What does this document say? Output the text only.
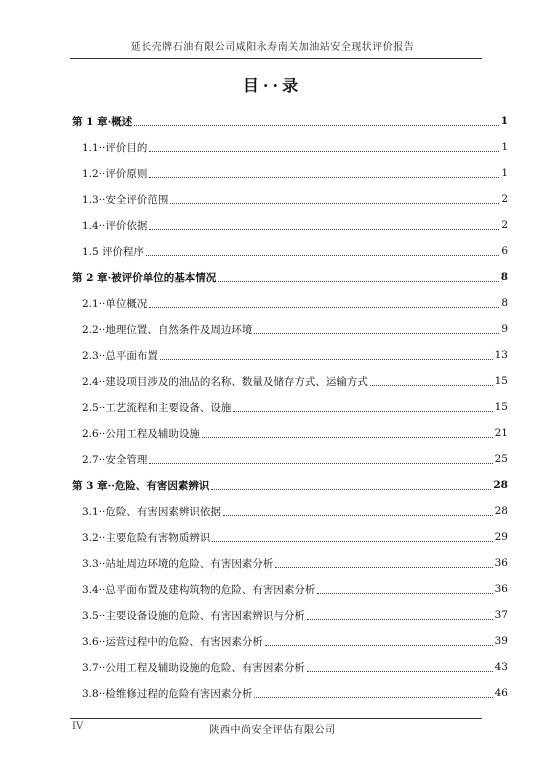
延长壳牌石油有限公司咸阳永寿南关加油站安全现状评价报告
目··录
第 1 章·概述	1
1.1··评价目的	1
1.2··评价原则	1
1.3··安全评价范围	2
1.4··评价依据	2
1.5 评价程序	6
第 2 章·被评价单位的基本情况	8
2.1··单位概况	8
2.2··地理位置、自然条件及周边环境	9
2.3··总平面布置	13
2.4··建设项目涉及的油品的名称、数量及储存方式、运输方式	15
2.5··工艺流程和主要设备、设施	15
2.6··公用工程及辅助设施	21
2.7··安全管理	25
第 3 章··危险、有害因素辨识	28
3.1··危险、有害因素辨识依据	28
3.2··主要危险有害物质辨识	29
3.3··站址周边环境的危险、有害因素分析	36
3.4··总平面布置及建构筑物的危险、有害因素分析	36
3.5··主要设备设施的危险、有害因素辨识与分析	37
3.6··运营过程中的危险、有害因素分析	39
3.7··公用工程及辅助设施的危险、有害因素分析	43
3.8··检维修过程的危险有害因素分析	46
IV	陕西中尚安全评估有限公司
